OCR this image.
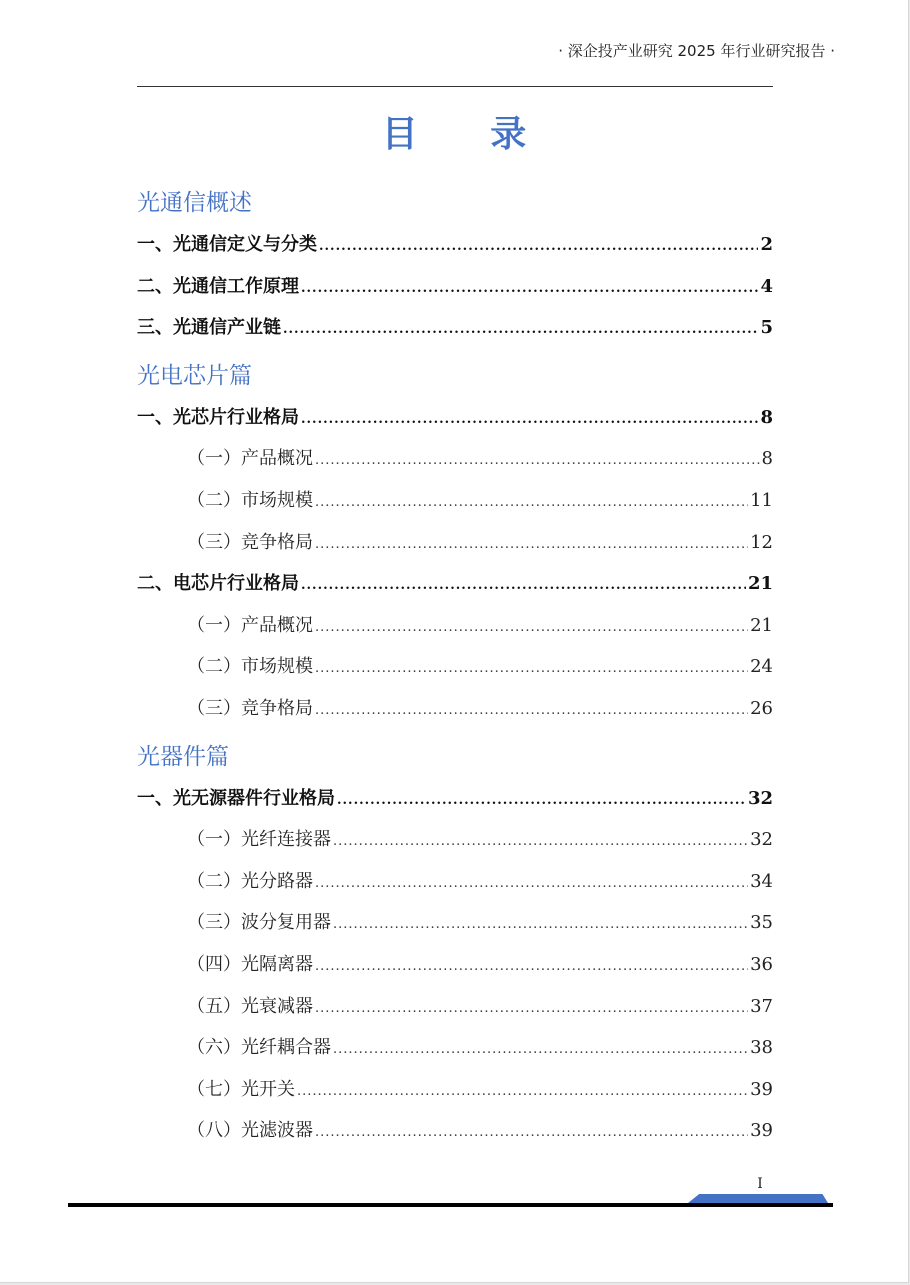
· 深企投产业研究 2025 年行业研究报告 ·
目 录
光通信概述
一、光通信定义与分类 .....	2
二、光通信工作原理 .....	4
三、光通信产业链 .....	5
光电芯片篇
一、光芯片行业格局 .....	8
（一）产品概况 .....	8
（二）市场规模 .....	11
（三）竞争格局 .....	12
二、电芯片行业格局 .....	21
（一）产品概况 .....	21
（二）市场规模 .....	24
（三）竞争格局 .....	26
光器件篇
一、光无源器件行业格局 .....	32
（一）光纤连接器 .....	32
（二）光分路器 .....	34
（三）波分复用器 .....	35
（四）光隔离器 .....	36
（五）光衰减器 .....	37
（六）光纤耦合器 .....	38
（七）光开关 .....	39
（八）光滤波器 .....	39
I
